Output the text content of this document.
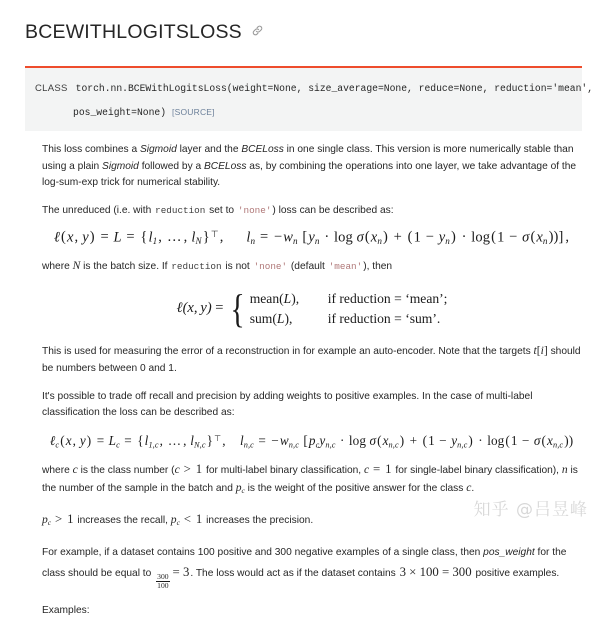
BCEWITHLOGITSLOSS
CLASS torch.nn.BCEWithLogitsLoss(weight=None, size_average=None, reduce=None, reduction='mean',
pos_weight=None) [SOURCE]

This loss combines a Sigmoid layer and the BCELoss in one single class. This version is more numerically stable than using a plain Sigmoid followed by a BCELoss as, by combining the operations into one layer, we take advantage of the log-sum-exp trick for numerical stability.

The unreduced (i.e. with reduction set to 'none') loss can be described as:

ℓ(x,  $y) = L = \{l_1$,  … ,  $l_N\}^⊤$,   $l_n = -w_n$ $[y_n \cdot \log \sigma(x_n) + (1 - y_n) \cdot \log(1 - \sigma(x_n))]$ ,

where N is the batch size. If reduction is not 'none' (default 'mean'), then

ℓ(x, y) = { mean(L),	if reduction = ‘mean’;
sum(L),	if reduction = ‘sum’.

This is used for measuring the error of a reconstruction in for example an auto-encoder. Note that the targets t[i] should be numbers between 0 and 1.

It's possible to trade off recall and precision by adding weights to positive examples. In the case of multi-label classification the loss can be described as:

ℓ$_c$(x,  $y) = L_c = \{l_{1,c}$,  … ,  $l_{N,c}\}^⊤$,  $l_{n,c} = -w_{n,c}$ [$p_cy_{n,c} \cdot \log \sigma(x_{n,c}) + (1 - y_{n,c}) \cdot \log(1 - \sigma(x_{n,c}))$

where c is the class number (c > 1 for multi-label binary classification, c = 1 for single-label binary classification), n is the number of the sample in the batch and $p_c$ is the weight of the positive answer for the class c.

$p_c > 1$ increases the recall, $p_c < 1$ increases the precision.

For example, if a dataset contains 100 positive and 300 negative examples of a single class, then pos_weight for the class should be equal to $\frac{300}{100}$
= 3. The loss would act as if the dataset contains 3 × 100 = 300 positive examples.

Examples:

知乎 @吕昱峰
